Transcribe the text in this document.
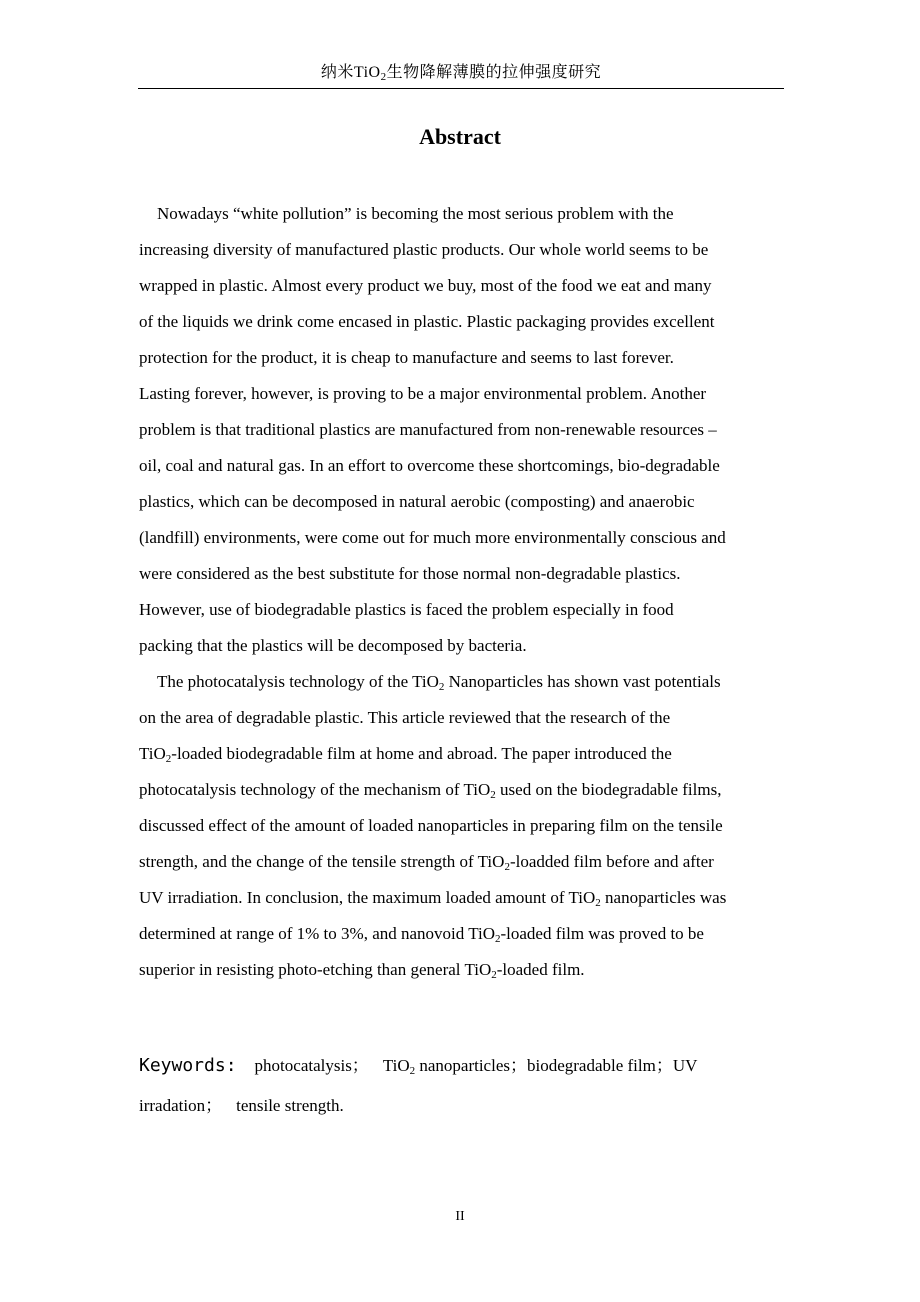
纳米TiO$_2$生物降解薄膜的拉伸强度研究
Abstract
Nowadays “white pollution” is becoming the most serious problem with the
increasing diversity of manufactured plastic products. Our whole world seems to be
wrapped in plastic. Almost every product we buy, most of the food we eat and many
of the liquids we drink come encased in plastic. Plastic packaging provides excellent
protection for the product, it is cheap to manufacture and seems to last forever.
Lasting forever, however, is proving to be a major environmental problem. Another
problem is that traditional plastics are manufactured from non-renewable resources –
oil, coal and natural gas. In an effort to overcome these shortcomings, bio-degradable
plastics, which can be decomposed in natural aerobic (composting) and anaerobic
(landfill) environments, were come out for much more environmentally conscious and
were considered as the best substitute for those normal non-degradable plastics.
However, use of biodegradable plastics is faced the problem especially in food
packing that the plastics will be decomposed by bacteria.
The photocatalysis technology of the TiO$_2$ Nanoparticles has shown vast potentials
on the area of degradable plastic. This article reviewed that the research of the
TiO$_2$-loaded biodegradable film at home and abroad. The paper introduced the
photocatalysis technology of the mechanism of TiO$_2$ used on the biodegradable films,
discussed effect of the amount of loaded nanoparticles in preparing film on the tensile
strength, and the change of the tensile strength of TiO$_2$-loadded film before and after
UV irradiation. In conclusion, the maximum loaded amount of TiO$_2$ nanoparticles was
determined at range of 1% to 3%, and nanovoid TiO$_2$-loaded film was proved to be
superior in resisting photo-etching than general TiO$_2$-loaded film.
Keywords: photocatalysis； TiO$_2$ nanoparticles；biodegradable film；UV
irradation； tensile strength.
II
